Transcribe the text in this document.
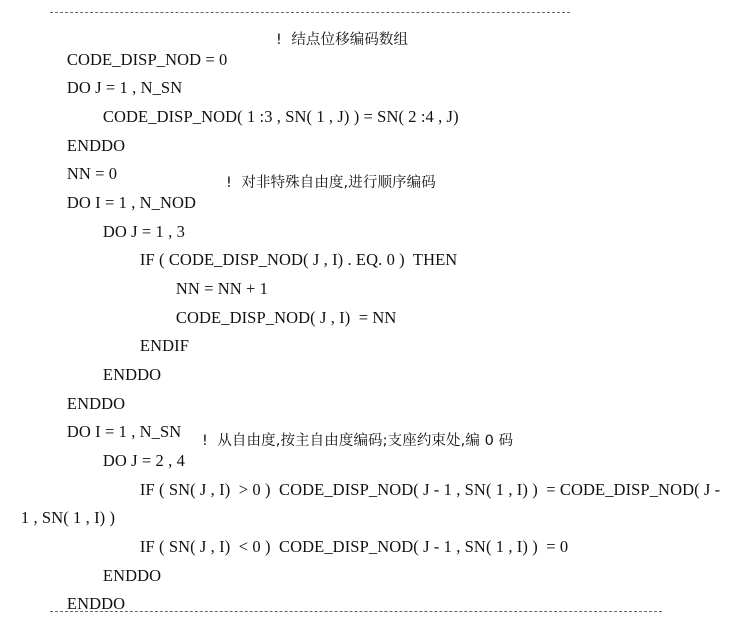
CODE_DISP_NOD = 0

!  结点位移编码数组

DO J = 1 , N_SN

CODE_DISP_NOD( 1 :3 , SN( 1 , J) ) = SN( 2 :4 , J)

ENDDO

NN = 0

DO I = 1 , N_NOD

!  对非特殊自由度,进行顺序编码

DO J = 1 , 3

IF ( CODE_DISP_NOD( J , I) . EQ. 0 )  THEN

NN = NN + 1

CODE_DISP_NOD( J , I)  = NN

ENDIF

ENDDO

ENDDO

DO I = 1 , N_SN

DO J = 2 , 4

!  从自由度,按主自由度编码;支座约束处,编 0 码

IF ( SN( J , I)  > 0 )  CODE_DISP_NOD( J - 1 , SN( 1 , I) )  = CODE_DISP_NOD( J -

1 , SN( 1 , I) )

IF ( SN( J , I)  < 0 )  CODE_DISP_NOD( J - 1 , SN( 1 , I) )  = 0

ENDDO

ENDDO
